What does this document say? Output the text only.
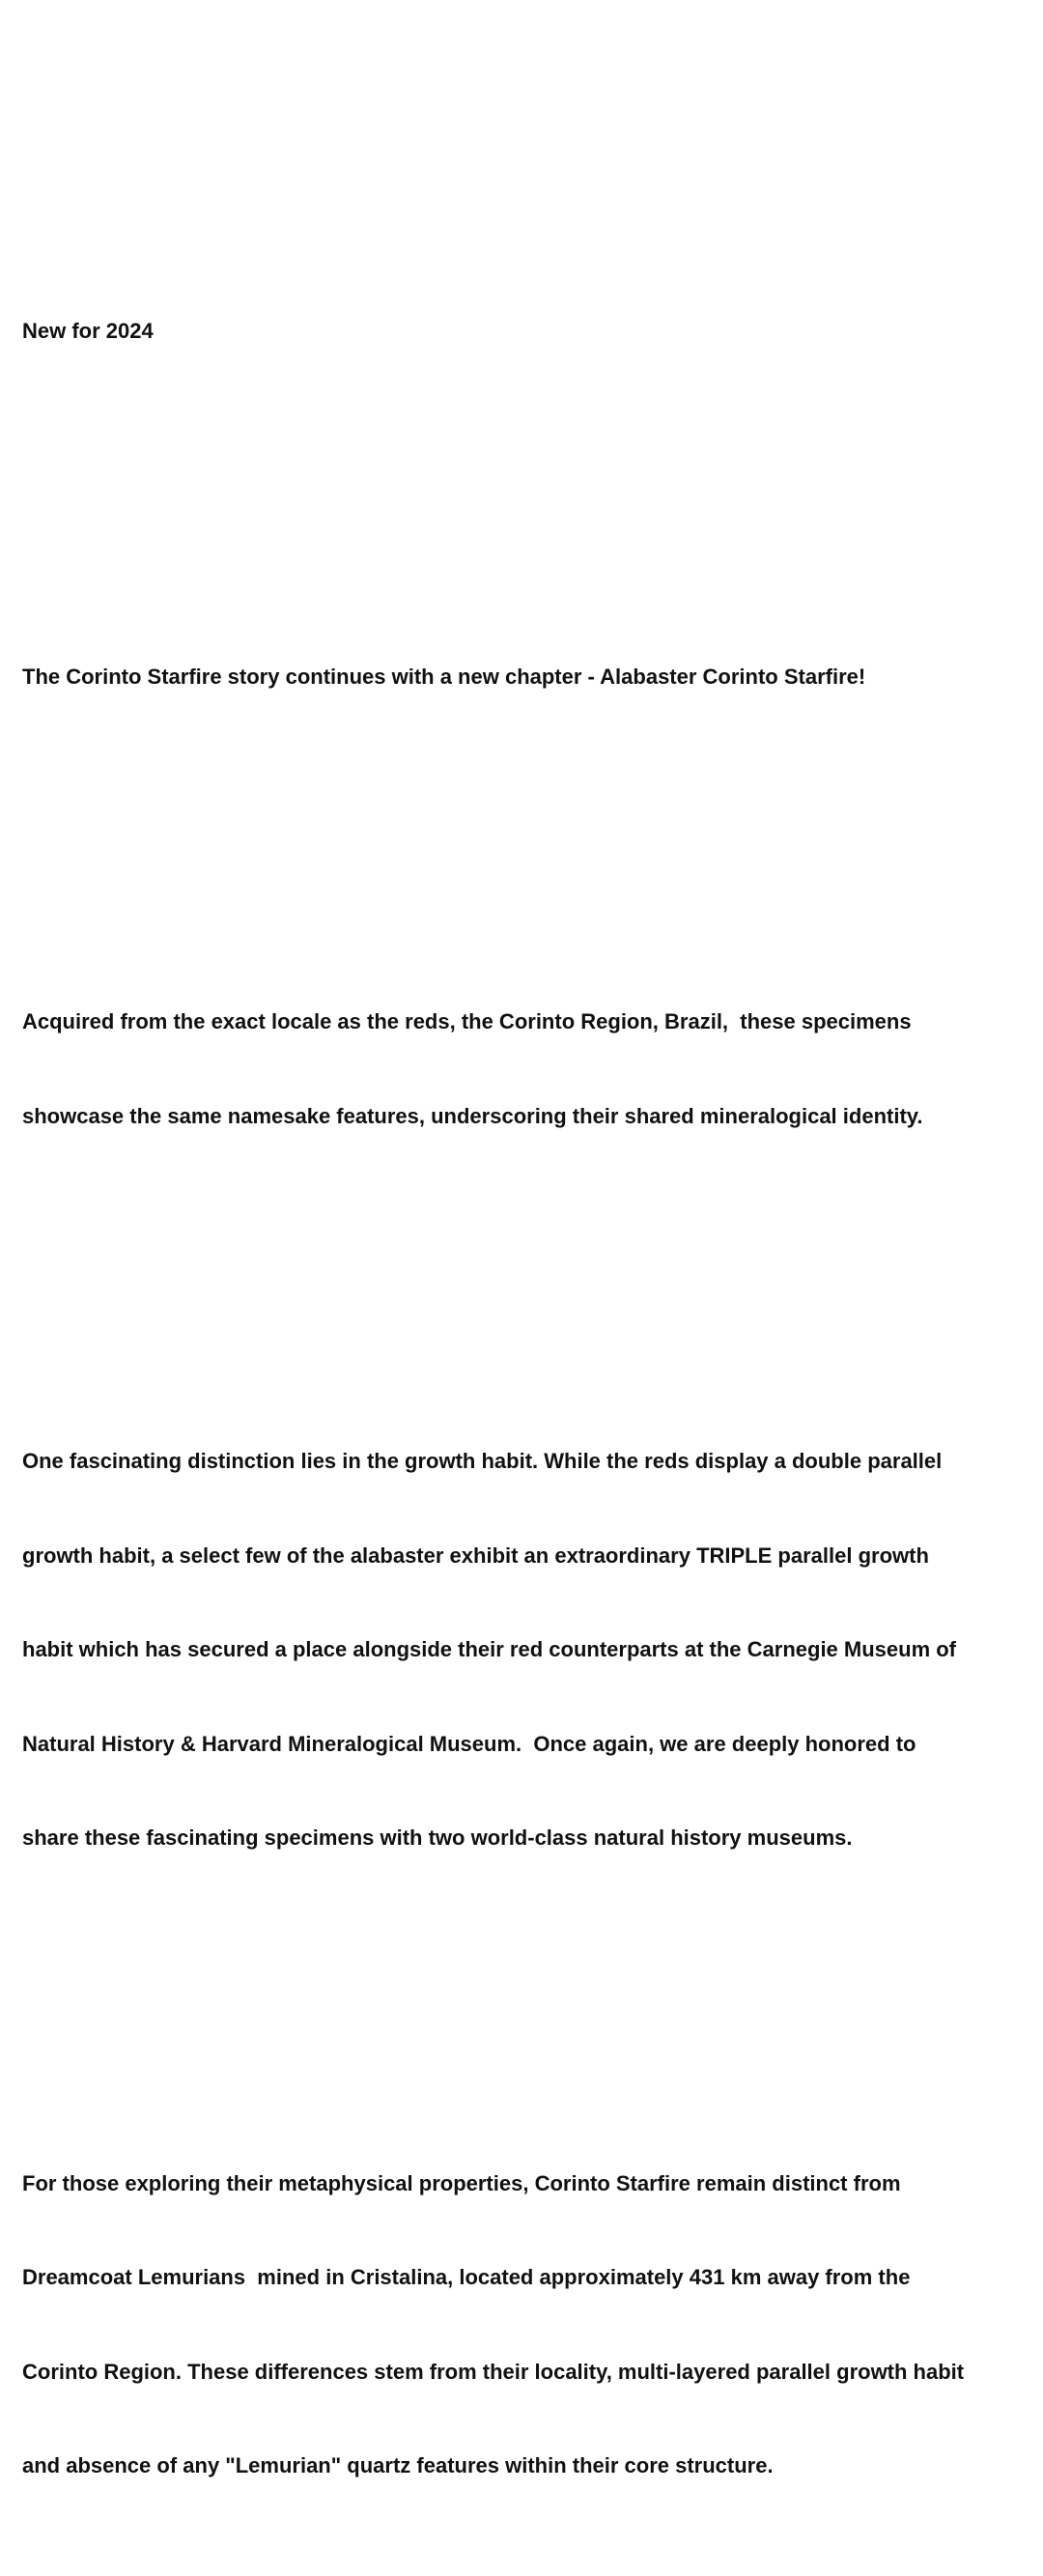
New for 2024

The Corinto Starfire story continues with a new chapter - Alabaster Corinto Starfire!

Acquired from the exact locale as the reds, the Corinto Region, Brazil,  these specimens

showcase the same namesake features, underscoring their shared mineralogical identity.

One fascinating distinction lies in the growth habit. While the reds display a double parallel

growth habit, a select few of the alabaster exhibit an extraordinary TRIPLE parallel growth

habit which has secured a place alongside their red counterparts at the Carnegie Museum of

Natural History & Harvard Mineralogical Museum.  Once again, we are deeply honored to

share these fascinating specimens with two world-class natural history museums.

For those exploring their metaphysical properties, Corinto Starfire remain distinct from

Dreamcoat Lemurians  mined in Cristalina, located approximately 431 km away from the

Corinto Region. These differences stem from their locality, multi-layered parallel growth habit

and absence of any "Lemurian" quartz features within their core structure.
